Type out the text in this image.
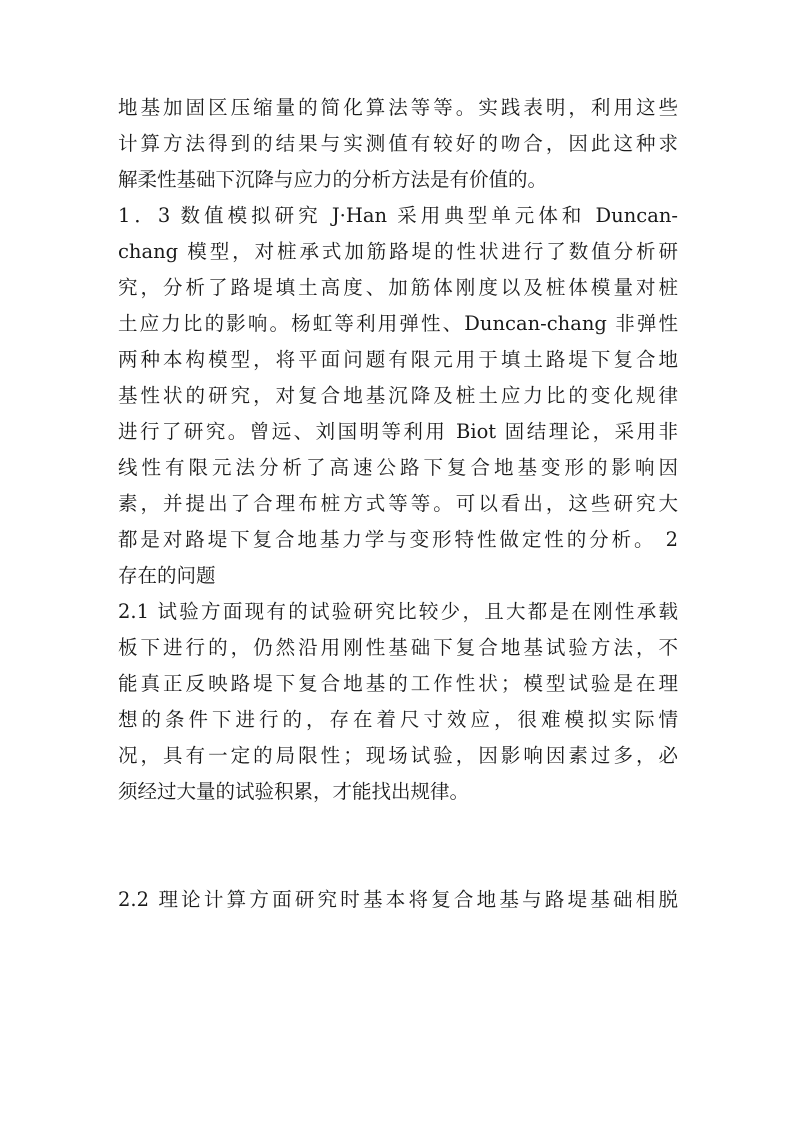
地基加固区压缩量的简化算法等等。实践表明，利用这些
计算方法得到的结果与实测值有较好的吻合，因此这种求
解柔性基础下沉降与应力的分析方法是有价值的。
1．3 数值模拟研究 J·Han 采用典型单元体和 Duncan-
chang 模型，对桩承式加筋路堤的性状进行了数值分析研
究，分析了路堤填土高度、加筋体刚度以及桩体模量对桩
土应力比的影响。杨虹等利用弹性、Duncan-chang 非弹性
两种本构模型，将平面问题有限元用于填土路堤下复合地
基性状的研究，对复合地基沉降及桩土应力比的变化规律
进行了研究。曾远、刘国明等利用 Biot 固结理论，采用非
线性有限元法分析了高速公路下复合地基变形的影响因
素，并提出了合理布桩方式等等。可以看出，这些研究大
都是对路堤下复合地基力学与变形特性做定性的分析。 2
存在的问题
2.1 试验方面现有的试验研究比较少，且大都是在刚性承载
板下进行的，仍然沿用刚性基础下复合地基试验方法，不
能真正反映路堤下复合地基的工作性状；模型试验是在理
想的条件下进行的，存在着尺寸效应，很难模拟实际情
况，具有一定的局限性；现场试验，因影响因素过多，必
须经过大量的试验积累，才能找出规律。
2.2 理论计算方面研究时基本将复合地基与路堤基础相脱
